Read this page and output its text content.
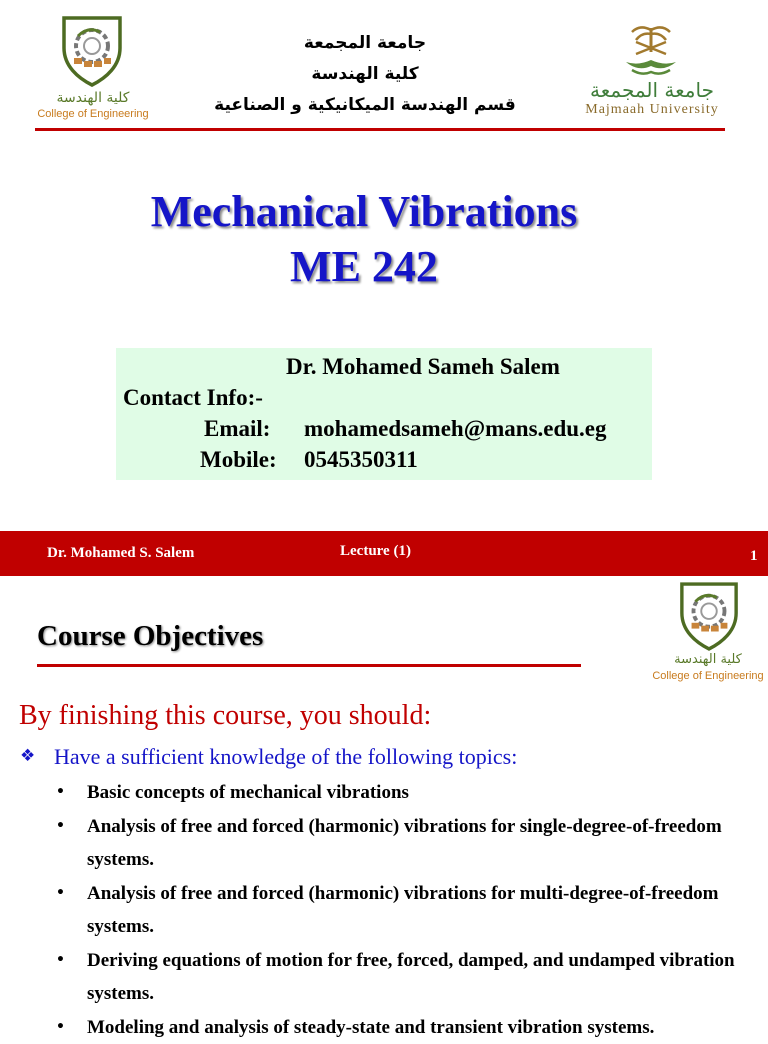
كلية الهندسة
College of Engineering
جامعة المجمعة
كلية الهندسة
قسم الهندسة الميكانيكية و الصناعية
جامعة المجمعة
Majmaah University
Mechanical Vibrations
ME 242
Dr. Mohamed Sameh Salem
Contact Info:-
Email: mohamedsameh@mans.edu.eg
Mobile: 0545350311
Dr. Mohamed S. Salem	Lecture (1)	1
كلية الهندسة
College of Engineering
Course Objectives
By finishing this course, you should:
❖ Have a sufficient knowledge of the following topics:
• Basic concepts of mechanical vibrations
• Analysis of free and forced (harmonic) vibrations for single-degree-of-freedom systems.
• Analysis of free and forced (harmonic) vibrations for multi-degree-of-freedom systems.
• Deriving equations of motion for free, forced, damped, and undamped vibration systems.
• Modeling and analysis of steady-state and transient vibration systems.
